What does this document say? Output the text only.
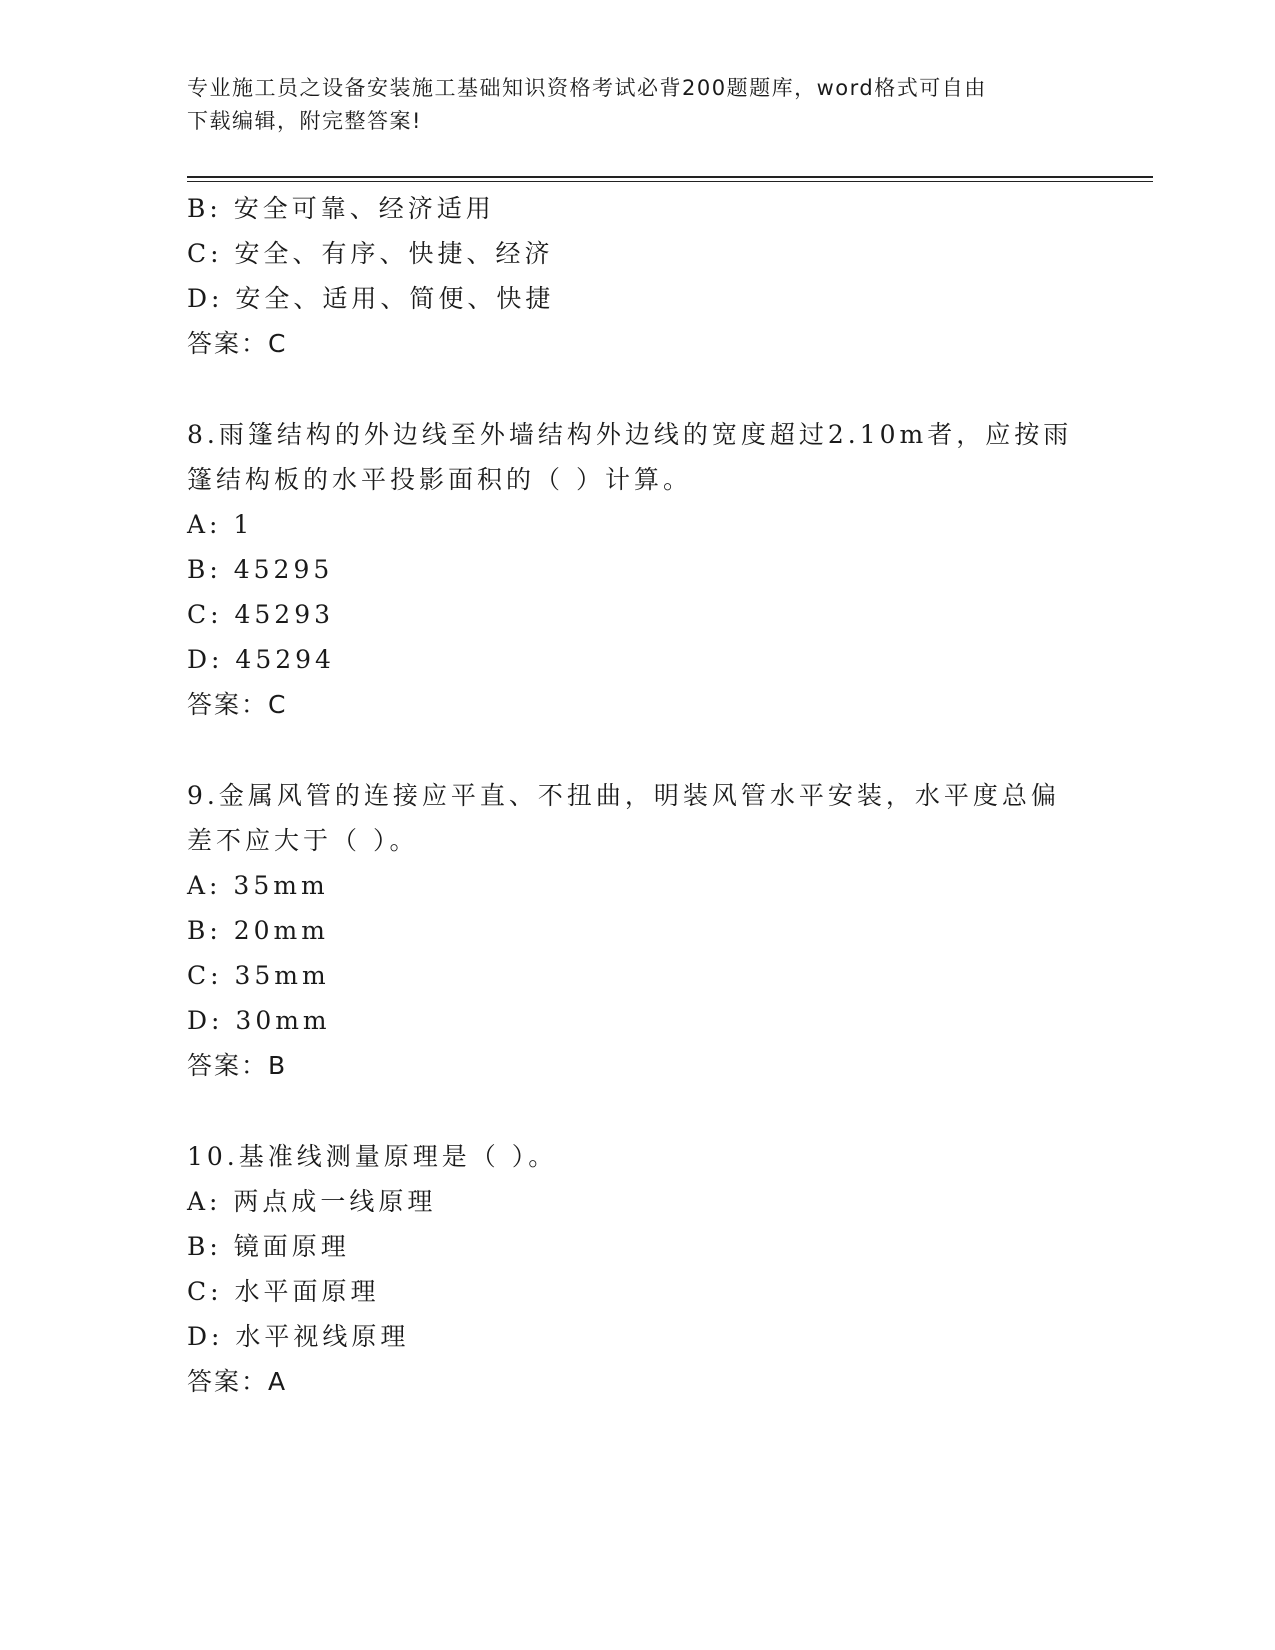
专业施工员之设备安装施工基础知识资格考试必背200题题库，word格式可自由
下载编辑，附完整答案!
B: 安全可靠、经济适用
C: 安全、有序、快捷、经济
D: 安全、适用、简便、快捷
答案：C
8.雨篷结构的外边线至外墙结构外边线的宽度超过2.10m者，应按雨
篷结构板的水平投影面积的（ ）计算。
A: 1
B: 45295
C: 45293
D: 45294
答案：C
9.金属风管的连接应平直、不扭曲，明装风管水平安装，水平度总偏
差不应大于（ ）。
A: 35mm
B: 20mm
C: 35mm
D: 30mm
答案：B
10.基准线测量原理是（ ）。
A: 两点成一线原理
B: 镜面原理
C: 水平面原理
D: 水平视线原理
答案：A
